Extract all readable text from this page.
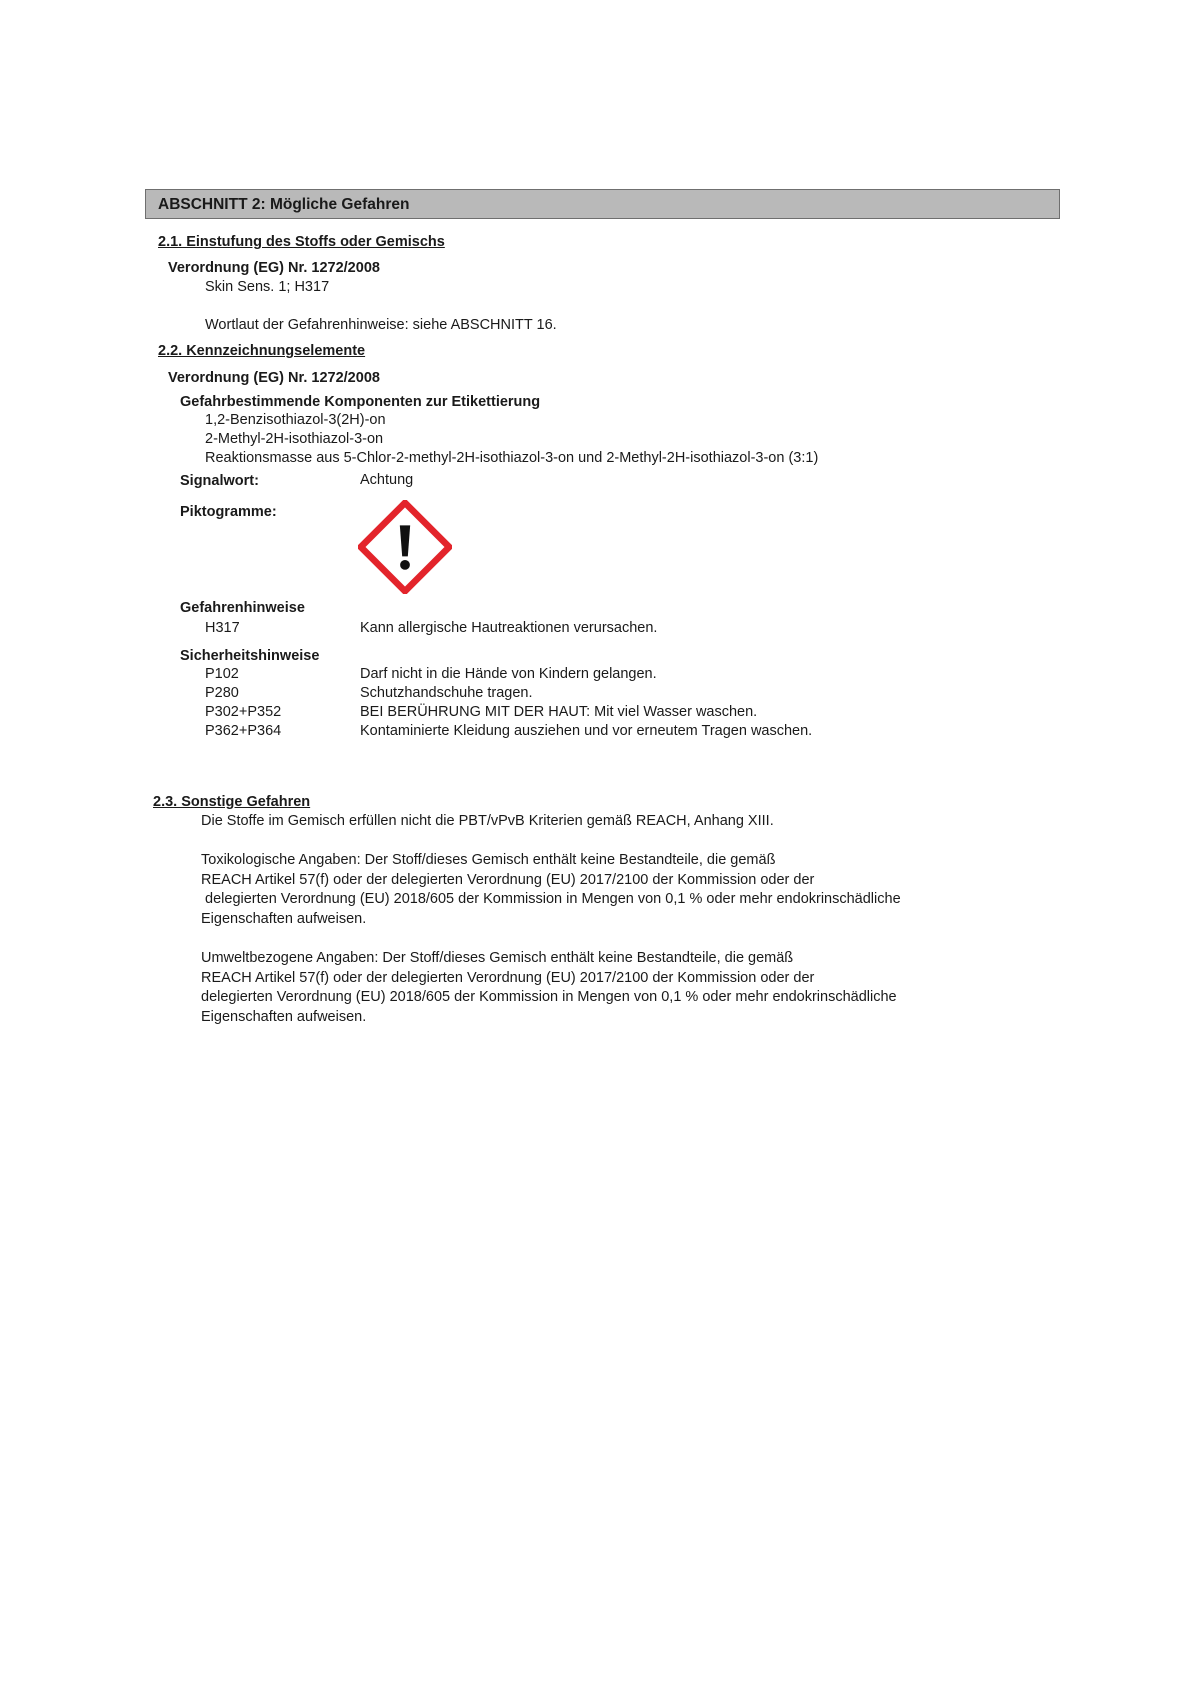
ABSCHNITT 2: Mögliche Gefahren
2.1. Einstufung des Stoffs oder Gemischs
Verordnung (EG) Nr. 1272/2008
Skin Sens. 1; H317
Wortlaut der Gefahrenhinweise: siehe ABSCHNITT 16.
2.2. Kennzeichnungselemente
Verordnung (EG) Nr. 1272/2008
Gefahrbestimmende Komponenten zur Etikettierung
1,2-Benzisothiazol-3(2H)-on
2-Methyl-2H-isothiazol-3-on
Reaktionsmasse aus 5-Chlor-2-methyl-2H-isothiazol-3-on und 2-Methyl-2H-isothiazol-3-on (3:1)
Signalwort:	Achtung
Piktogramme:
Gefahrenhinweise
H317	Kann allergische Hautreaktionen verursachen.
Sicherheitshinweise
P102	Darf nicht in die Hände von Kindern gelangen.
P280	Schutzhandschuhe tragen.
P302+P352	BEI BERÜHRUNG MIT DER HAUT: Mit viel Wasser waschen.
P362+P364	Kontaminierte Kleidung ausziehen und vor erneutem Tragen waschen.
2.3. Sonstige Gefahren
Die Stoffe im Gemisch erfüllen nicht die PBT/vPvB Kriterien gemäß REACH, Anhang XIII.
Toxikologische Angaben: Der Stoff/dieses Gemisch enthält keine Bestandteile, die gemäß
REACH Artikel 57(f) oder der delegierten Verordnung (EU) 2017/2100 der Kommission oder der
delegierten Verordnung (EU) 2018/605 der Kommission in Mengen von 0,1 % oder mehr endokrinschädliche
Eigenschaften aufweisen.
Umweltbezogene Angaben: Der Stoff/dieses Gemisch enthält keine Bestandteile, die gemäß
REACH Artikel 57(f) oder der delegierten Verordnung (EU) 2017/2100 der Kommission oder der
delegierten Verordnung (EU) 2018/605 der Kommission in Mengen von 0,1 % oder mehr endokrinschädliche
Eigenschaften aufweisen.
